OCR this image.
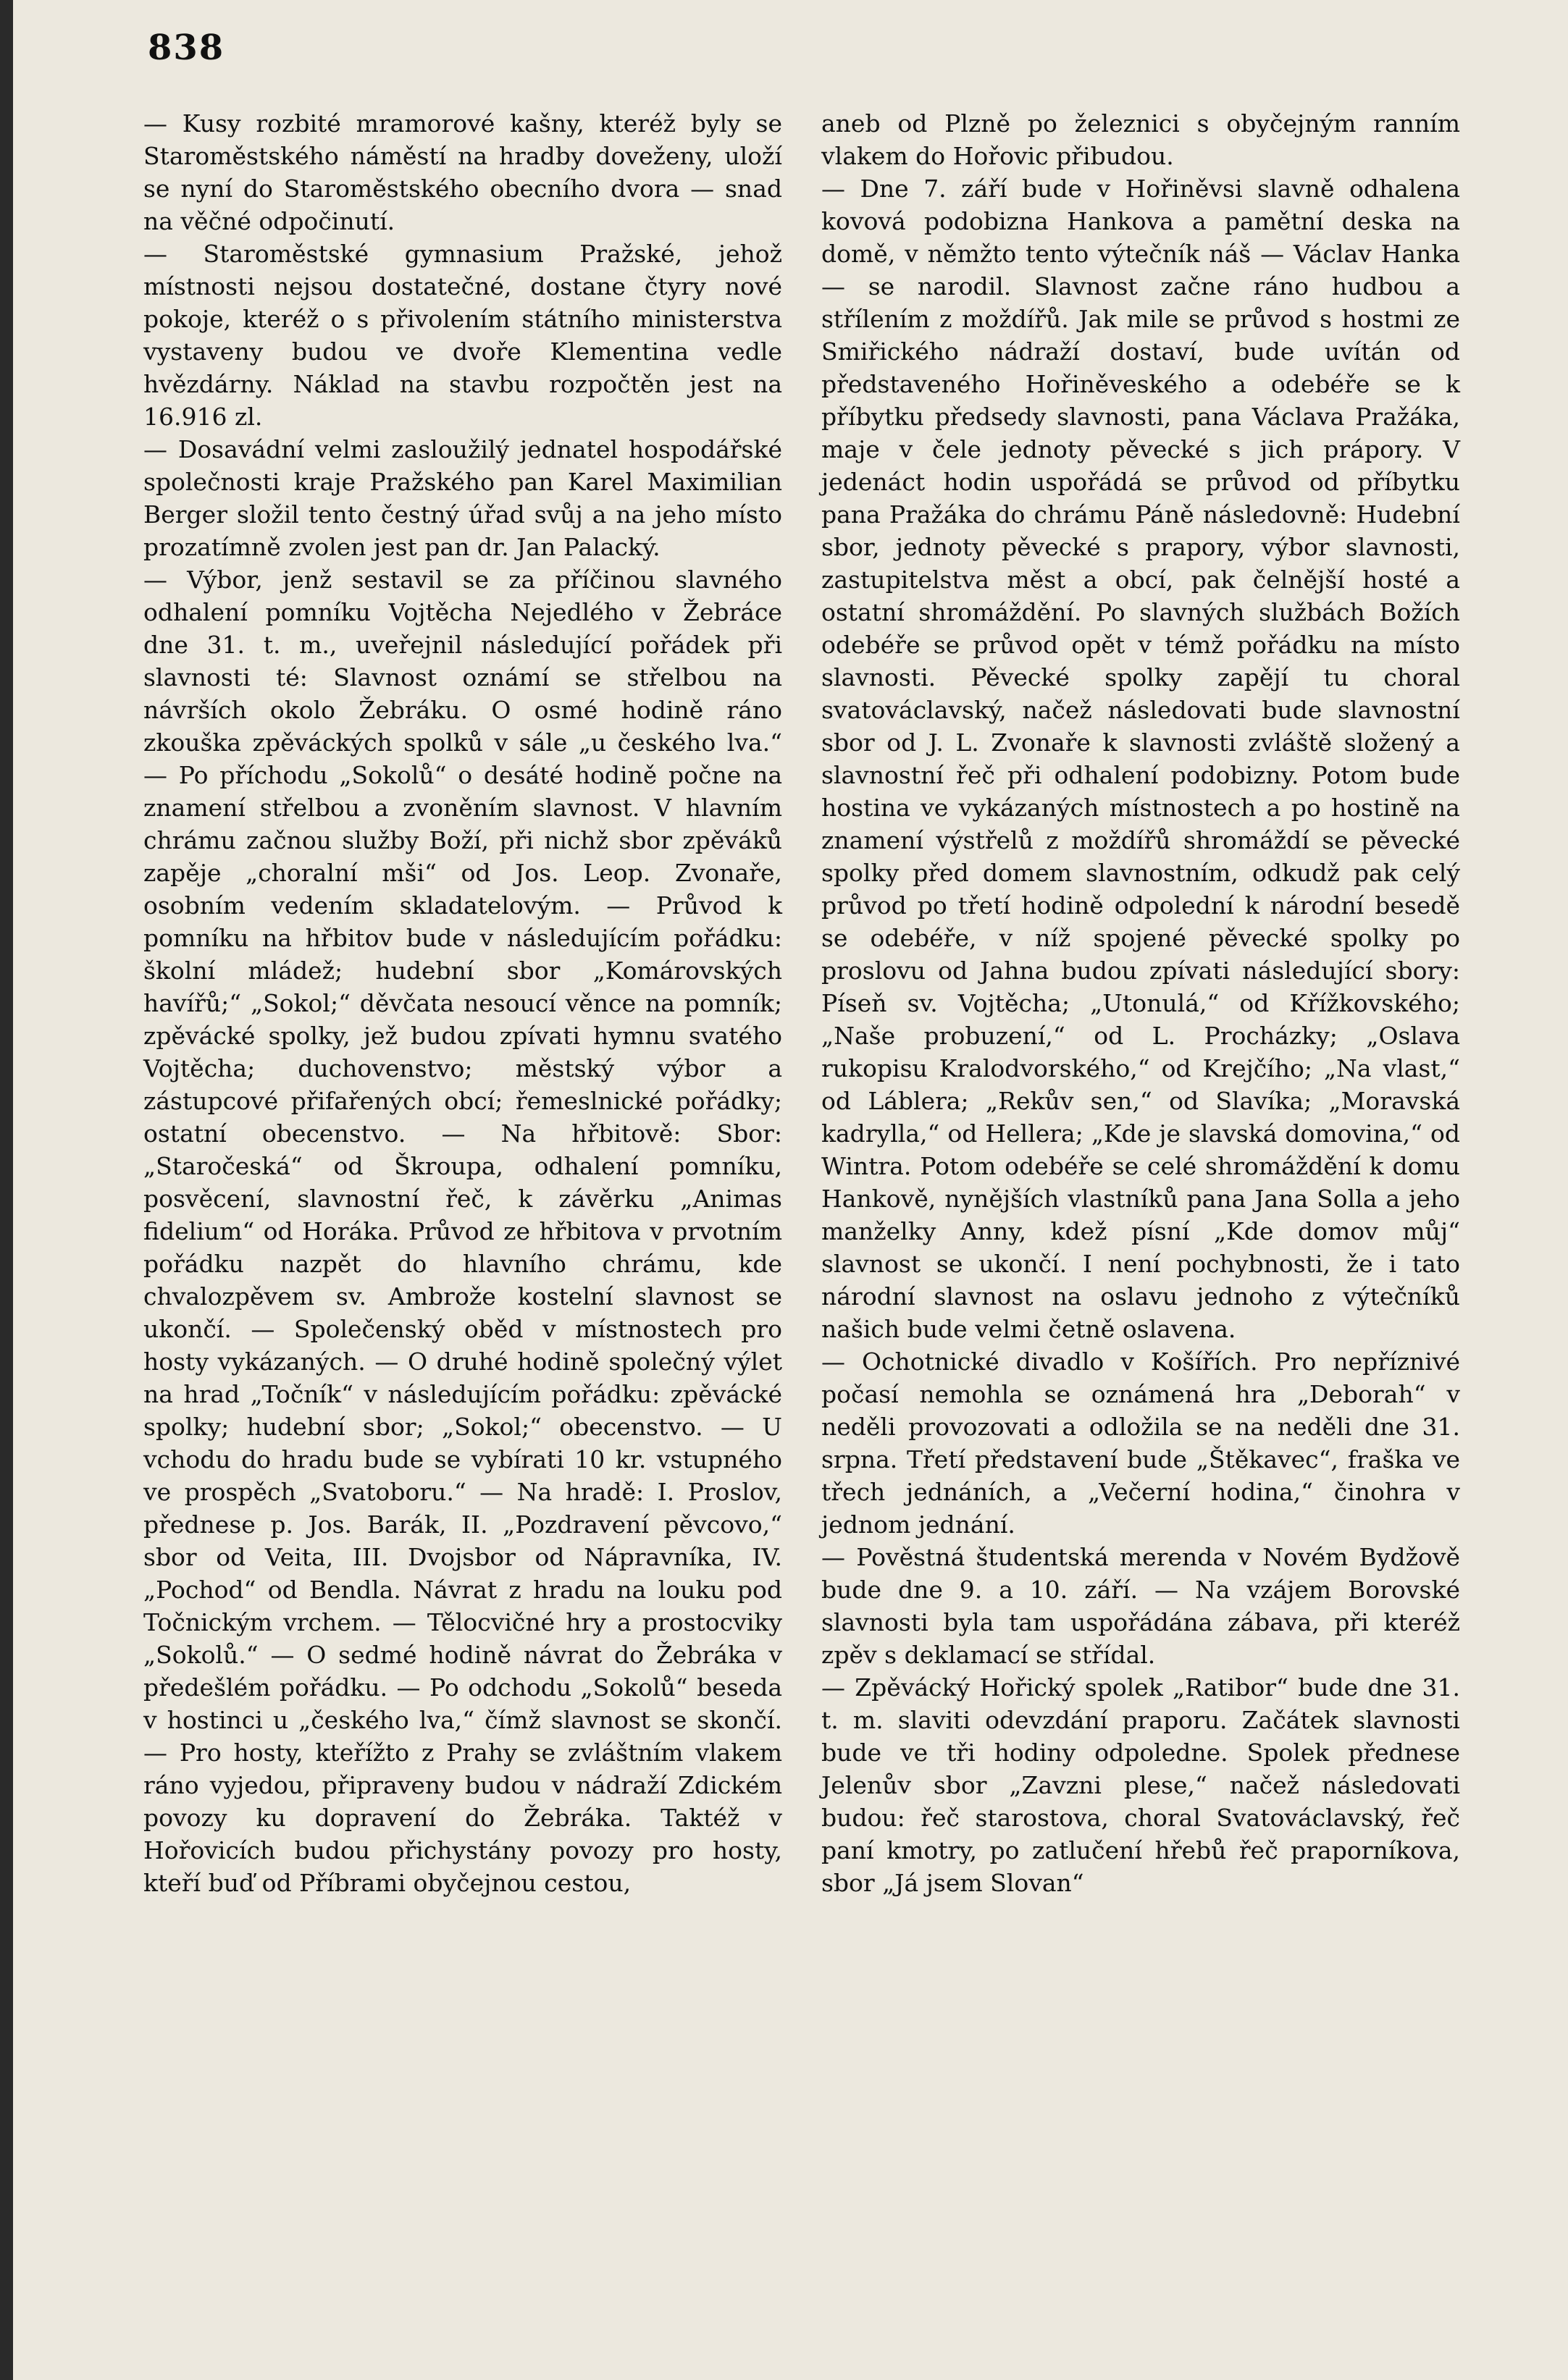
838

— Kusy rozbité mramorové kašny, kteréž byly se Staroměstského náměstí na hradby doveženy, uloží se nyní do Staroměstského obecního dvora — snad na věčné odpočinutí.

— Staroměstské gymnasium Pražské, jehož místnosti nejsou dostatečné, dostane čtyry nové pokoje, kteréž o s přivolením státního ministerstva vystaveny budou ve dvoře Klementina vedle hvězdárny. Náklad na stavbu rozpočtěn jest na 16.916 zl.

— Dosavádní velmi zasloužilý jednatel hospodářské společnosti kraje Pražského pan Karel Maximilian Berger složil tento čestný úřad svůj a na jeho místo prozatímně zvolen jest pan dr. Jan Palacký.

— Výbor, jenž sestavil se za příčinou slavného odhalení pomníku Vojtěcha Nejedlého v Žebráce dne 31. t. m., uveřejnil následující pořádek při slavnosti té: Slavnost oznámí se střelbou na návrších okolo Žebráku. O osmé hodině ráno zkouška zpěváckých spolků v sále „u českého lva.“ — Po příchodu „Sokolů“ o desáté hodině počne na znamení střelbou a zvoněním slavnost. V hlavním chrámu začnou služby Boží, při nichž sbor zpěváků zapěje „choralní mši“ od Jos. Leop. Zvonaře, osobním vedením skladatelovým. — Průvod k pomníku na hřbitov bude v následujícím pořádku: školní mládež; hudební sbor „Komárovských havířů;“ „Sokol;“ děvčata nesoucí věnce na pomník; zpěvácké spolky, jež budou zpívati hymnu svatého Vojtěcha; duchovenstvo; městský výbor a zástupcové přifařených obcí; řemeslnické pořádky; ostatní obecenstvo. — Na hřbitově: Sbor: „Staročeská“ od Škroupa, odhalení pomníku, posvěcení, slavnostní řeč, k závěrku „Animas fidelium“ od Horáka. Průvod ze hřbitova v prvotním pořádku nazpět do hlavního chrámu, kde chvalozpěvem sv. Ambrože kostelní slavnost se ukončí. — Společenský oběd v místnostech pro hosty vykázaných. — O druhé hodině společný výlet na hrad „Točník“ v následujícím pořádku: zpěvácké spolky; hudební sbor; „Sokol;“ obecenstvo. — U vchodu do hradu bude se vybírati 10 kr. vstupného ve prospěch „Svatoboru.“ — Na hradě: I. Proslov, přednese p. Jos. Barák, II. „Pozdravení pěvcovo,“ sbor od Veita, III. Dvojsbor od Nápravníka, IV. „Pochod“ od Bendla. Návrat z hradu na louku pod Točnickým vrchem. — Tělocvičné hry a prostocviky „Sokolů.“ — O sedmé hodině návrat do Žebráka v předešlém pořádku. — Po odchodu „Sokolů“ beseda v hostinci u „českého lva,“ čímž slavnost se skončí. — Pro hosty, kteřížto z Prahy se zvláštním vlakem ráno vyjedou, připraveny budou v nádraží Zdickém povozy ku dopravení do Žebráka. Taktéž v Hořovicích budou přichystány povozy pro hosty, kteří buď od Příbrami obyčejnou cestou,

aneb od Plzně po železnici s obyčejným ranním vlakem do Hořovic přibudou.

— Dne 7. září bude v Hořiněvsi slavně odhalena kovová podobizna Hankova a pamětní deska na domě, v němžto tento výtečník náš — Václav Hanka — se narodil. Slavnost začne ráno hudbou a střílením z moždířů. Jak mile se průvod s hostmi ze Smiřického nádraží dostaví, bude uvítán od představeného Hořiněveského a odebéře se k příbytku předsedy slavnosti, pana Václava Pražáka, maje v čele jednoty pěvecké s jich prápory. V jedenáct hodin uspořádá se průvod od příbytku pana Pražáka do chrámu Páně následovně: Hudební sbor, jednoty pěvecké s prapory, výbor slavnosti, zastupitelstva měst a obcí, pak čelnější hosté a ostatní shromáždění. Po slavných službách Božích odebéře se průvod opět v témž pořádku na místo slavnosti. Pěvecké spolky zapějí tu choral svatováclavský, načež následovati bude slavnostní sbor od J. L. Zvonaře k slavnosti zvláště složený a slavnostní řeč při odhalení podobizny. Potom bude hostina ve vykázaných místnostech a po hostině na znamení výstřelů z moždířů shromáždí se pěvecké spolky před domem slavnostním, odkudž pak celý průvod po třetí hodině odpolední k národní besedě se odebéře, v níž spojené pěvecké spolky po proslovu od Jahna budou zpívati následující sbory: Píseň sv. Vojtěcha; „Utonulá,“ od Křížkovského; „Naše probuzení,“ od L. Procházky; „Oslava rukopisu Kralodvorského,“ od Krejčího; „Na vlast,“ od Láblera; „Rekův sen,“ od Slavíka; „Moravská kadrylla,“ od Hellera; „Kde je slavská domovina,“ od Wintra. Potom odebéře se celé shromáždění k domu Hankově, nynějších vlastníků pana Jana Solla a jeho manželky Anny, kdež písní „Kde domov můj“ slavnost se ukončí. I není pochybnosti, že i tato národní slavnost na oslavu jednoho z výtečníků našich bude velmi četně oslavena.

— Ochotnické divadlo v Košířích. Pro nepříznivé počasí nemohla se oznámená hra „Deborah“ v neděli provozovati a odložila se na neděli dne 31. srpna. Třetí představení bude „Štěkavec“, fraška ve třech jednáních, a „Večerní hodina,“ činohra v jednom jednání.

— Pověstná študentská merenda v Novém Bydžově bude dne 9. a 10. září. — Na vzájem Borovské slavnosti byla tam uspořádána zábava, při kteréž zpěv s deklamací se střídal.

— Zpěvácký Hořický spolek „Ratibor“ bude dne 31. t. m. slaviti odevzdání praporu. Začátek slavnosti bude ve tři hodiny odpoledne. Spolek přednese Jelenův sbor „Zavzni plese,“ načež následovati budou: řeč starostova, choral Svatováclavský, řeč paní kmotry, po zatlučení hřebů řeč praporníkova, sbor „Já jsem Slovan“
